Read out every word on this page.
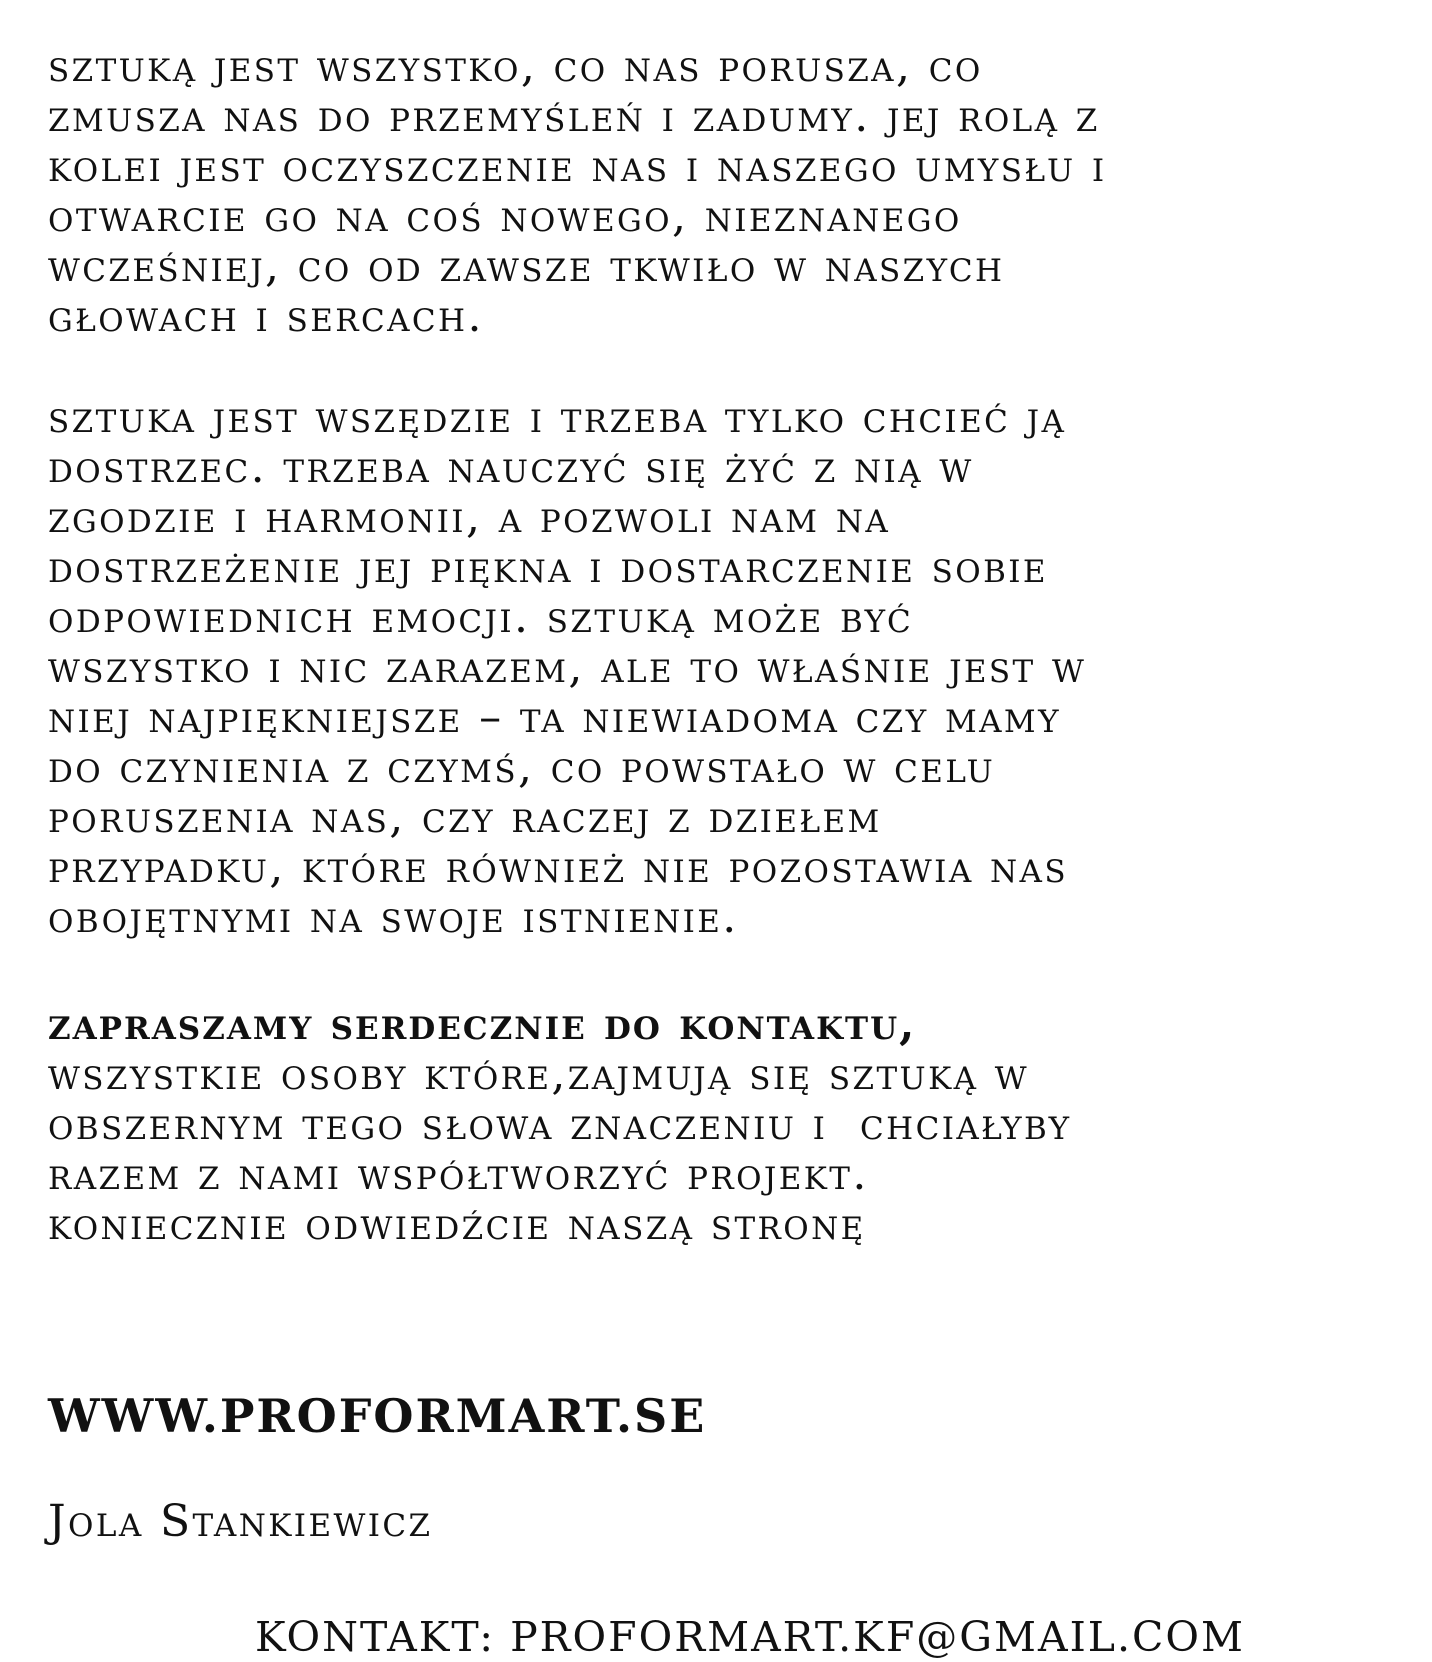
sztuką jest wszystko, co nas porusza, co
zmusza nas do przemyśleń i zadumy. jej rolą z
kolei jest oczyszczenie nas i naszego umysłu i
otwarcie go na coś nowego, nieznanego
wcześniej, co od zawsze tkwiło w naszych
głowach i sercach.
sztuka jest wszędzie i trzeba tylko chcieć ją
dostrzec. trzeba nauczyć się żyć z nią w
zgodzie i harmonii, a pozwoli nam na
dostrzeżenie jej piękna i dostarczenie sobie
odpowiednich emocji. sztuką może być
wszystko i nic zarazem, ale to właśnie jest w
niej najpiękniejsze – ta niewiadoma czy mamy
do czynienia z czymś, co powstało w celu
poruszenia nas, czy raczej z dziełem
przypadku, które również nie pozostawia nas
obojętnymi na swoje istnienie.
zapraszamy serdecznie do kontaktu,
wszystkie osoby które,zajmują się sztuką w
obszernym tego słowa znaczeniu i  chciałyby
razem z nami współtworzyć projekt.
koniecznie odwiedźcie naszą stronę
WWW.PROFORMART.SE
Jola Stankiewicz
KONTAKT: PROFORMART.KF@GMAIL.COM
